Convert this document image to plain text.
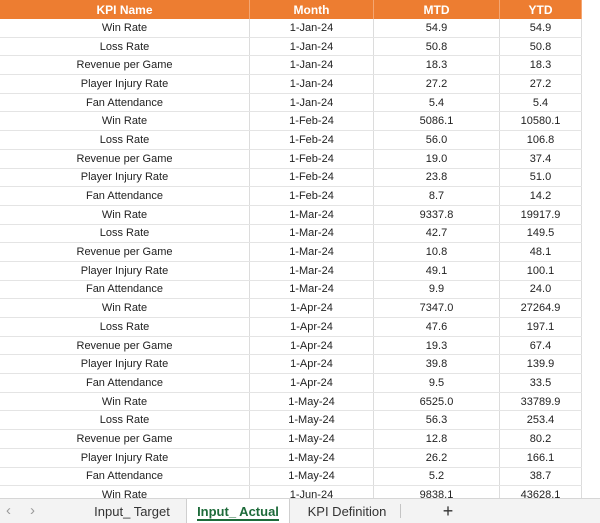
KPI Name	Month	MTD	YTD
Win Rate	1-Jan-24	54.9	54.9
Loss Rate	1-Jan-24	50.8	50.8
Revenue per Game	1-Jan-24	18.3	18.3
Player Injury Rate	1-Jan-24	27.2	27.2
Fan Attendance	1-Jan-24	5.4	5.4
Win Rate	1-Feb-24	5086.1	10580.1
Loss Rate	1-Feb-24	56.0	106.8
Revenue per Game	1-Feb-24	19.0	37.4
Player Injury Rate	1-Feb-24	23.8	51.0
Fan Attendance	1-Feb-24	8.7	14.2
Win Rate	1-Mar-24	9337.8	19917.9
Loss Rate	1-Mar-24	42.7	149.5
Revenue per Game	1-Mar-24	10.8	48.1
Player Injury Rate	1-Mar-24	49.1	100.1
Fan Attendance	1-Mar-24	9.9	24.0
Win Rate	1-Apr-24	7347.0	27264.9
Loss Rate	1-Apr-24	47.6	197.1
Revenue per Game	1-Apr-24	19.3	67.4
Player Injury Rate	1-Apr-24	39.8	139.9
Fan Attendance	1-Apr-24	9.5	33.5
Win Rate	1-May-24	6525.0	33789.9
Loss Rate	1-May-24	56.3	253.4
Revenue per Game	1-May-24	12.8	80.2
Player Injury Rate	1-May-24	26.2	166.1
Fan Attendance	1-May-24	5.2	38.7
Win Rate	1-Jun-24	9838.1	43628.1
‹ ›	Input_ Target Input_ Actual KPI Definition	+
